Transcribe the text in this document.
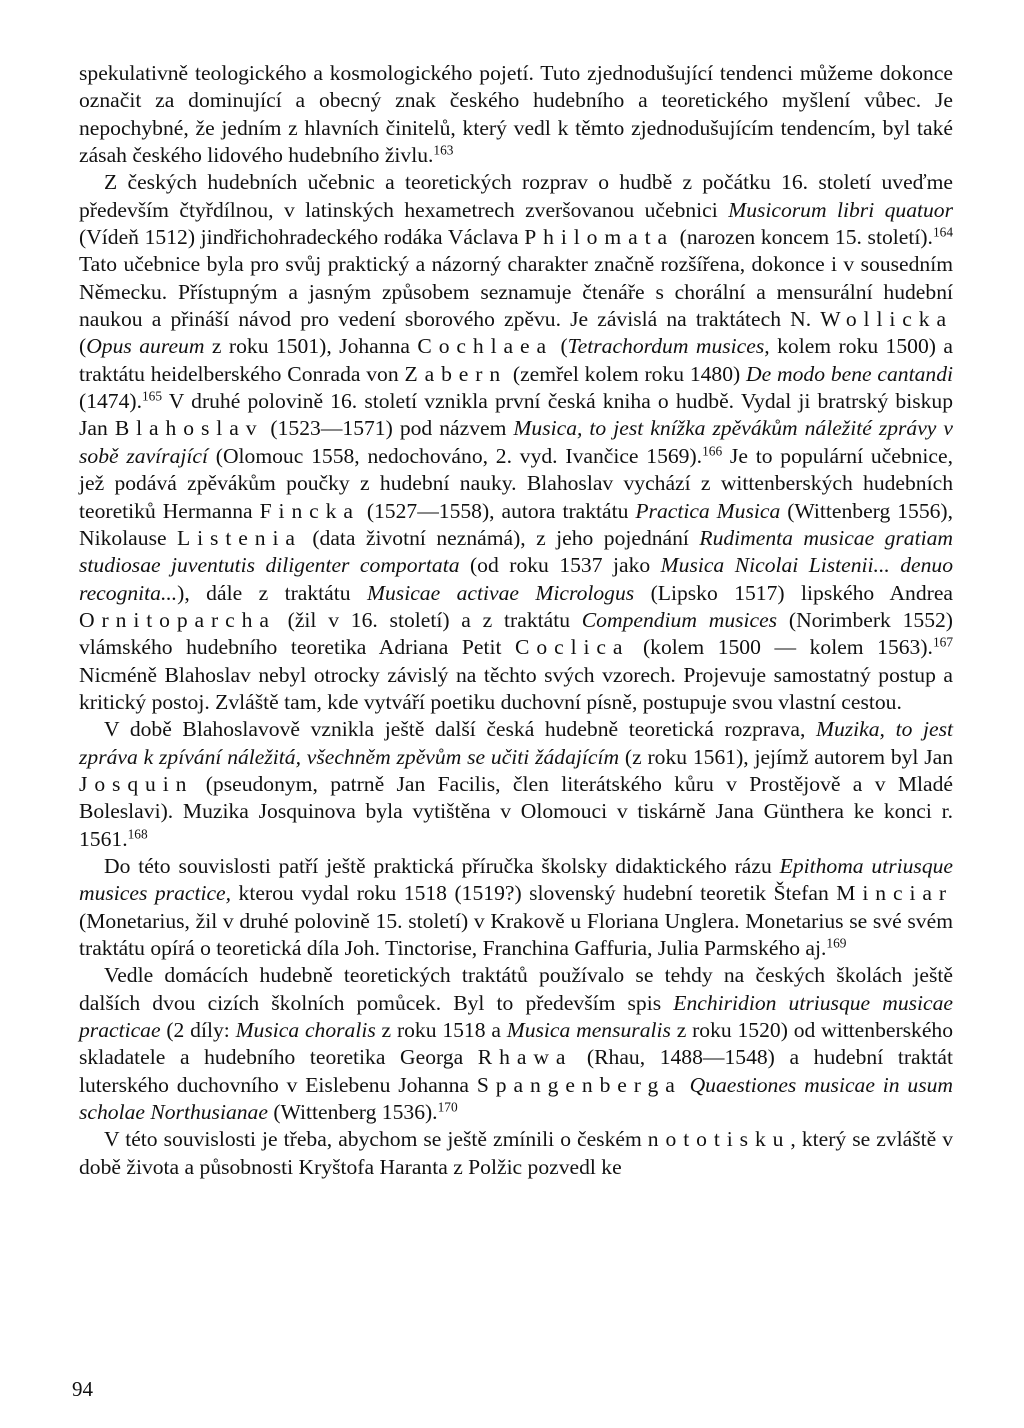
spekulativně teologického a kosmologického pojetí. Tuto zjednodušující tendenci můžeme dokonce označit za dominující a obecný znak českého hudebního a teoretického myšlení vůbec. Je nepochybné, že jedním z hlavních činitelů, který vedl k těmto zjednodušujícím tendencím, byl také zásah českého lidového hudebního živlu.$^{163}$

Z českých hudebních učebnic a teoretických rozprav o hudbě z počátku 16. století uveďme především čtyřdílnou, v latinských hexametrech zveršovanou učebnici Musicorum libri quatuor (Vídeň 1512) jindřichohradeckého rodáka Václava Philomata (narozen koncem 15. století).$^{164}$ Tato učebnice byla pro svůj praktický a názorný charakter značně rozšířena, dokonce i v sousedním Německu. Přístupným a jasným způsobem seznamuje čtenáře s chorální a mensurální hudební naukou a přináší návod pro vedení sborového zpěvu. Je závislá na traktátech N. Wollicka (Opus aureum z roku 1501), Johanna Cochlaea (Tetrachordum musices, kolem roku 1500) a traktátu heidelberského Conrada von Zabern (zemřel kolem roku 1480) De modo bene cantandi (1474).$^{165}$ V druhé polovině 16. století vznikla první česká kniha o hudbě. Vydal ji bratrský biskup Jan Blahoslav (1523—1571) pod názvem Musica, to jest knížka zpěvákům náležité zprávy v sobě zavírající (Olomouc 1558, nedochováno, 2. vyd. Ivančice 1569).$^{166}$ Je to populární učebnice, jež podává zpěvákům poučky z hudební nauky. Blahoslav vychází z wittenberských hudebních teoretiků Hermanna Fincka (1527—1558), autora traktátu Practica Musica (Wittenberg 1556), Nikolause Listenia (data životní neznámá), z jeho pojednání Rudimenta musicae gratiam studiosae juventutis diligenter comportata (od roku 1537 jako Musica Nicolai Listenii... denuo recognita...), dále z traktátu Musicae activae Micrologus (Lipsko 1517) lipského Andrea Ornitoparcha (žil v 16. století) a z traktátu Compendium musices (Norimberk 1552) vlámského hudebního teoretika Adriana Petit Coclica (kolem 1500 — kolem 1563).$^{167}$ Nicméně Blahoslav nebyl otrocky závislý na těchto svých vzorech. Projevuje samostatný postup a kritický postoj. Zvláště tam, kde vytváří poetiku duchovní písně, postupuje svou vlastní cestou.

V době Blahoslavově vznikla ještě další česká hudebně teoretická rozprava, Muzika, to jest zpráva k zpívání náležitá, všechněm zpěvům se učiti žádajícím (z roku 1561), jejímž autorem byl Jan Josquin (pseudonym, patrně Jan Facilis, člen literátského kůru v Prostějově a v Mladé Boleslavi). Muzika Josquinova byla vytištěna v Olomouci v tiskárně Jana Günthera ke konci r. 1561.$^{168}$

Do této souvislosti patří ještě praktická příručka školsky didaktického rázu Epithoma utriusque musices practice, kterou vydal roku 1518 (1519?) slovenský hudební teoretik Štefan Minciar (Monetarius, žil v druhé polovině 15. století) v Krakově u Floriana Unglera. Monetarius se své svém traktátu opírá o teoretická díla Joh. Tinctorise, Franchina Gaffuria, Julia Parmského aj.$^{169}$

Vedle domácích hudebně teoretických traktátů používalo se tehdy na českých školách ještě dalších dvou cizích školních pomůcek. Byl to především spis Enchiridion utriusque musicae practicae (2 díly: Musica choralis z roku 1518 a Musica mensuralis z roku 1520) od wittenberského skladatele a hudebního teoretika Georga Rhawa (Rhau, 1488—1548) a hudební traktát luterského duchovního v Eislebenu Johanna Spangenberga Quaestiones musicae in usum scholae Northusianae (Wittenberg 1536).$^{170}$

V této souvislosti je třeba, abychom se ještě zmínili o českém nototisku, který se zvláště v době života a působnosti Kryštofa Haranta z Polžic pozvedl ke

94
